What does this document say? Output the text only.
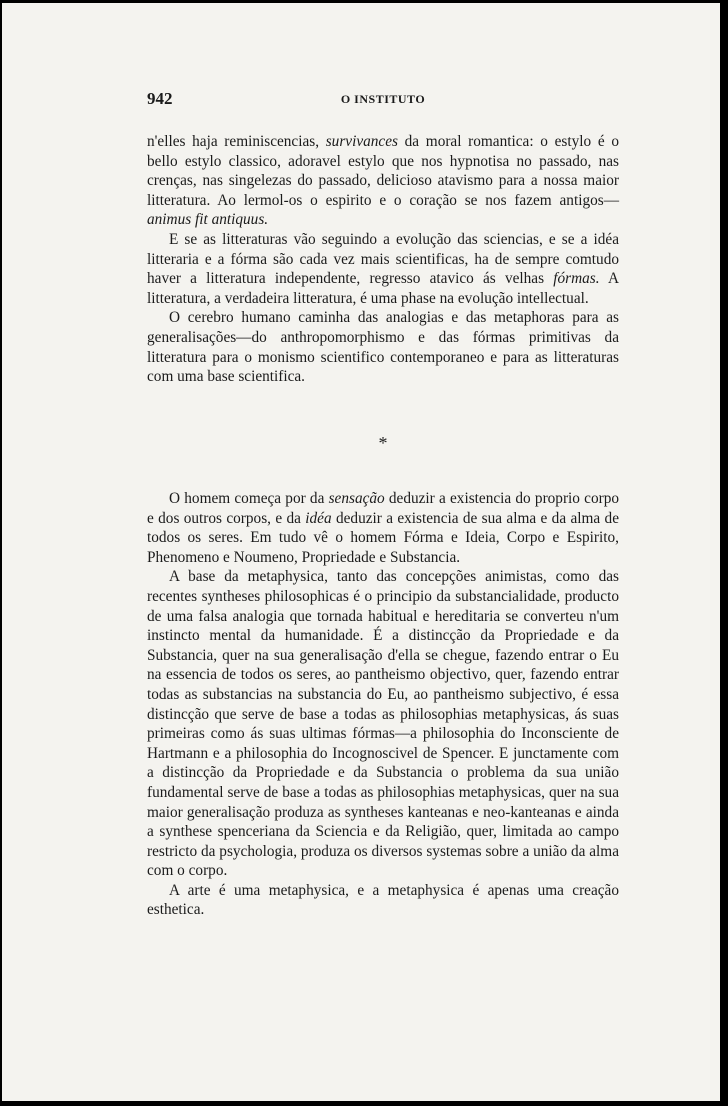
942	O INSTITUTO

n'elles haja reminiscencias, survivances da moral romantica: o estylo é o bello estylo classico, adoravel estylo que nos hypnotisa no passado, nas crenças, nas singelezas do passado, delicioso atavismo para a nossa maior litteratura. Ao lermol-os o espirito e o coração se nos fazem antigos—animus fit antiquus.

E se as litteraturas vão seguindo a evolução das sciencias, e se a idéa litteraria e a fórma são cada vez mais scientificas, ha de sempre comtudo haver a litteratura independente, regresso atavico ás velhas fórmas. A litteratura, a verdadeira litteratura, é uma phase na evolução intellectual.

O cerebro humano caminha das analogias e das metaphoras para as generalisações—do anthropomorphismo e das fórmas primitivas da litteratura para o monismo scientifico contemporaneo e para as litteraturas com uma base scientifica.

*

O homem começa por da sensação deduzir a existencia do proprio corpo e dos outros corpos, e da idéa deduzir a existencia de sua alma e da alma de todos os seres. Em tudo vê o homem Fórma e Ideia, Corpo e Espirito, Phenomeno e Noumeno, Propriedade e Substancia.

A base da metaphysica, tanto das concepções animistas, como das recentes syntheses philosophicas é o principio da substancialidade, producto de uma falsa analogia que tornada habitual e hereditaria se converteu n'um instincto mental da humanidade. É a distincção da Propriedade e da Substancia, quer na sua generalisação d'ella se chegue, fazendo entrar o Eu na essencia de todos os seres, ao pantheismo objectivo, quer, fazendo entrar todas as substancias na substancia do Eu, ao pantheismo subjectivo, é essa distincção que serve de base a todas as philosophias metaphysicas, ás suas primeiras como ás suas ultimas fórmas—a philosophia do Inconsciente de Hartmann e a philosophia do Incognoscivel de Spencer. E junctamente com a distincção da Propriedade e da Substancia o problema da sua união fundamental serve de base a todas as philosophias metaphysicas, quer na sua maior generalisação produza as syntheses kanteanas e neo-kanteanas e ainda a synthese spenceriana da Sciencia e da Religião, quer, limitada ao campo restricto da psychologia, produza os diversos systemas sobre a união da alma com o corpo.

A arte é uma metaphysica, e a metaphysica é apenas uma creação esthetica.
